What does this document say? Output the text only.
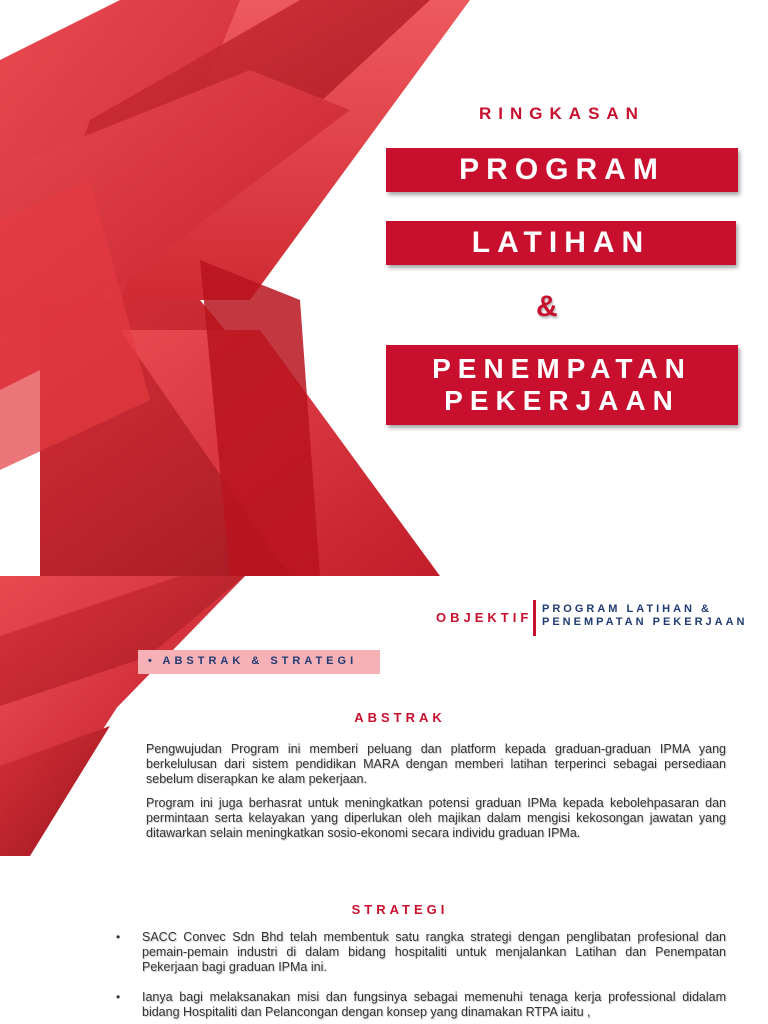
RINGKASAN
PROGRAM
LATIHAN
&
PENEMPATAN
PEKERJAAN
OBJEKTIF
PROGRAM LATIHAN &
PENEMPATAN PEKERJAAN
• ABSTRAK & STRATEGI
ABSTRAK

Pengwujudan Program ini memberi peluang dan platform kepada graduan-graduan IPMA yang berkelulusan dari sistem pendidikan MARA dengan memberi latihan terperinci sebagai persediaan sebelum diserapkan ke alam pekerjaan.

Program ini juga berhasrat untuk meningkatkan potensi graduan IPMa kepada kebolehpasaran dan permintaan serta kelayakan yang diperlukan oleh majikan dalam mengisi kekosongan jawatan yang ditawarkan selain meningkatkan sosio-ekonomi secara individu graduan IPMa.

STRATEGI
• SACC Convec Sdn Bhd telah membentuk satu rangka strategi dengan penglibatan profesional dan pemain-pemain industri di dalam bidang hospitaliti untuk menjalankan Latihan dan Penempatan Pekerjaan bagi graduan IPMa ini.

• Ianya bagi melaksanakan misi dan fungsinya sebagai memenuhi tenaga kerja professional didalam bidang Hospitaliti dan Pelancongan dengan konsep yang dinamakan RTPA iaitu ,
